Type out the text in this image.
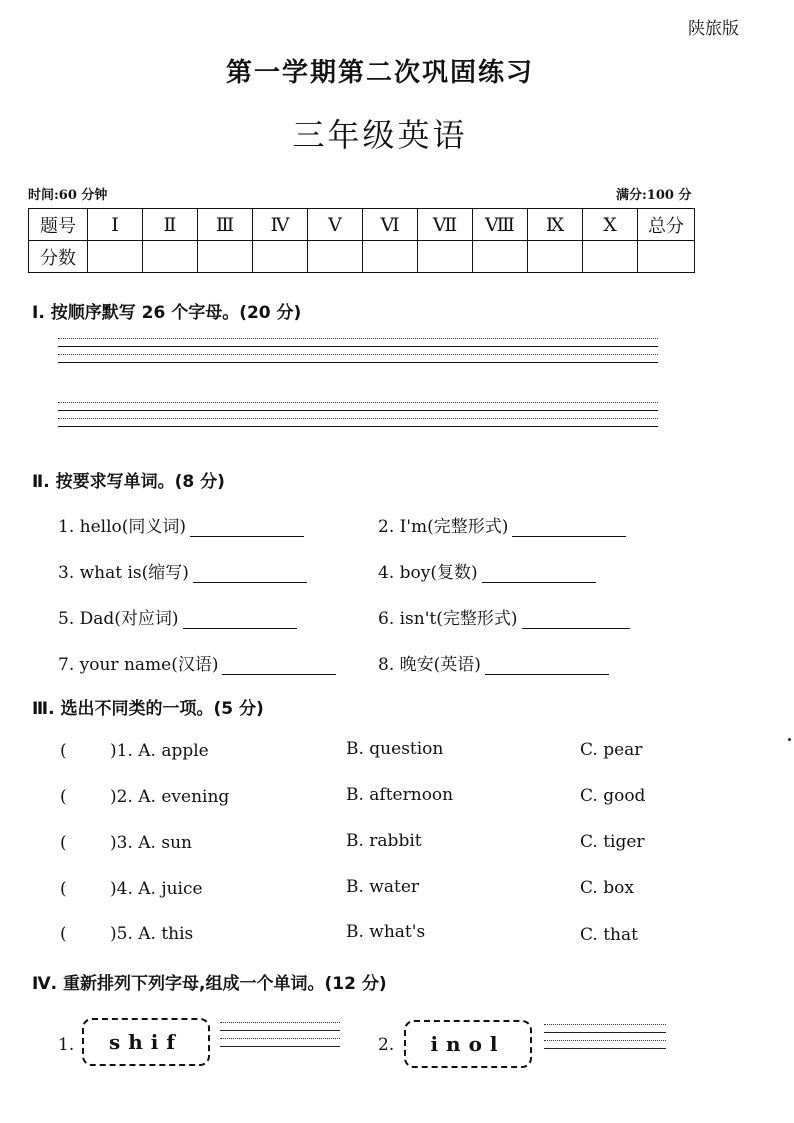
陕旅版
第一学期第二次巩固练习
三年级英语
时间:60 分钟	满分:100 分
题号	Ⅰ	Ⅱ	Ⅲ	Ⅳ	Ⅴ	Ⅵ	Ⅶ	Ⅷ	Ⅸ	Ⅹ	总分
分数											
Ⅰ. 按顺序默写 26 个字母。(20 分)
Ⅱ. 按要求写单词。(8 分)
1. hello(同义词)	2. I'm(完整形式)
3. what is(缩写)	4. boy(复数)
5. Dad(对应词)	6. isn't(完整形式)
7. your name(汉语)	8. 晚安(英语)
Ⅲ. 选出不同类的一项。(5 分)
(	)1. A. apple	B. question	C. pear
(	)2. A. evening	B. afternoon	C. good
(	)3. A. sun	B. rabbit	C. tiger
(	)4. A. juice	B. water	C. box
(	)5. A. this	B. what's	C. that
Ⅳ. 重新排列下列字母,组成一个单词。(12 分)
1.	shif	2.	inol
